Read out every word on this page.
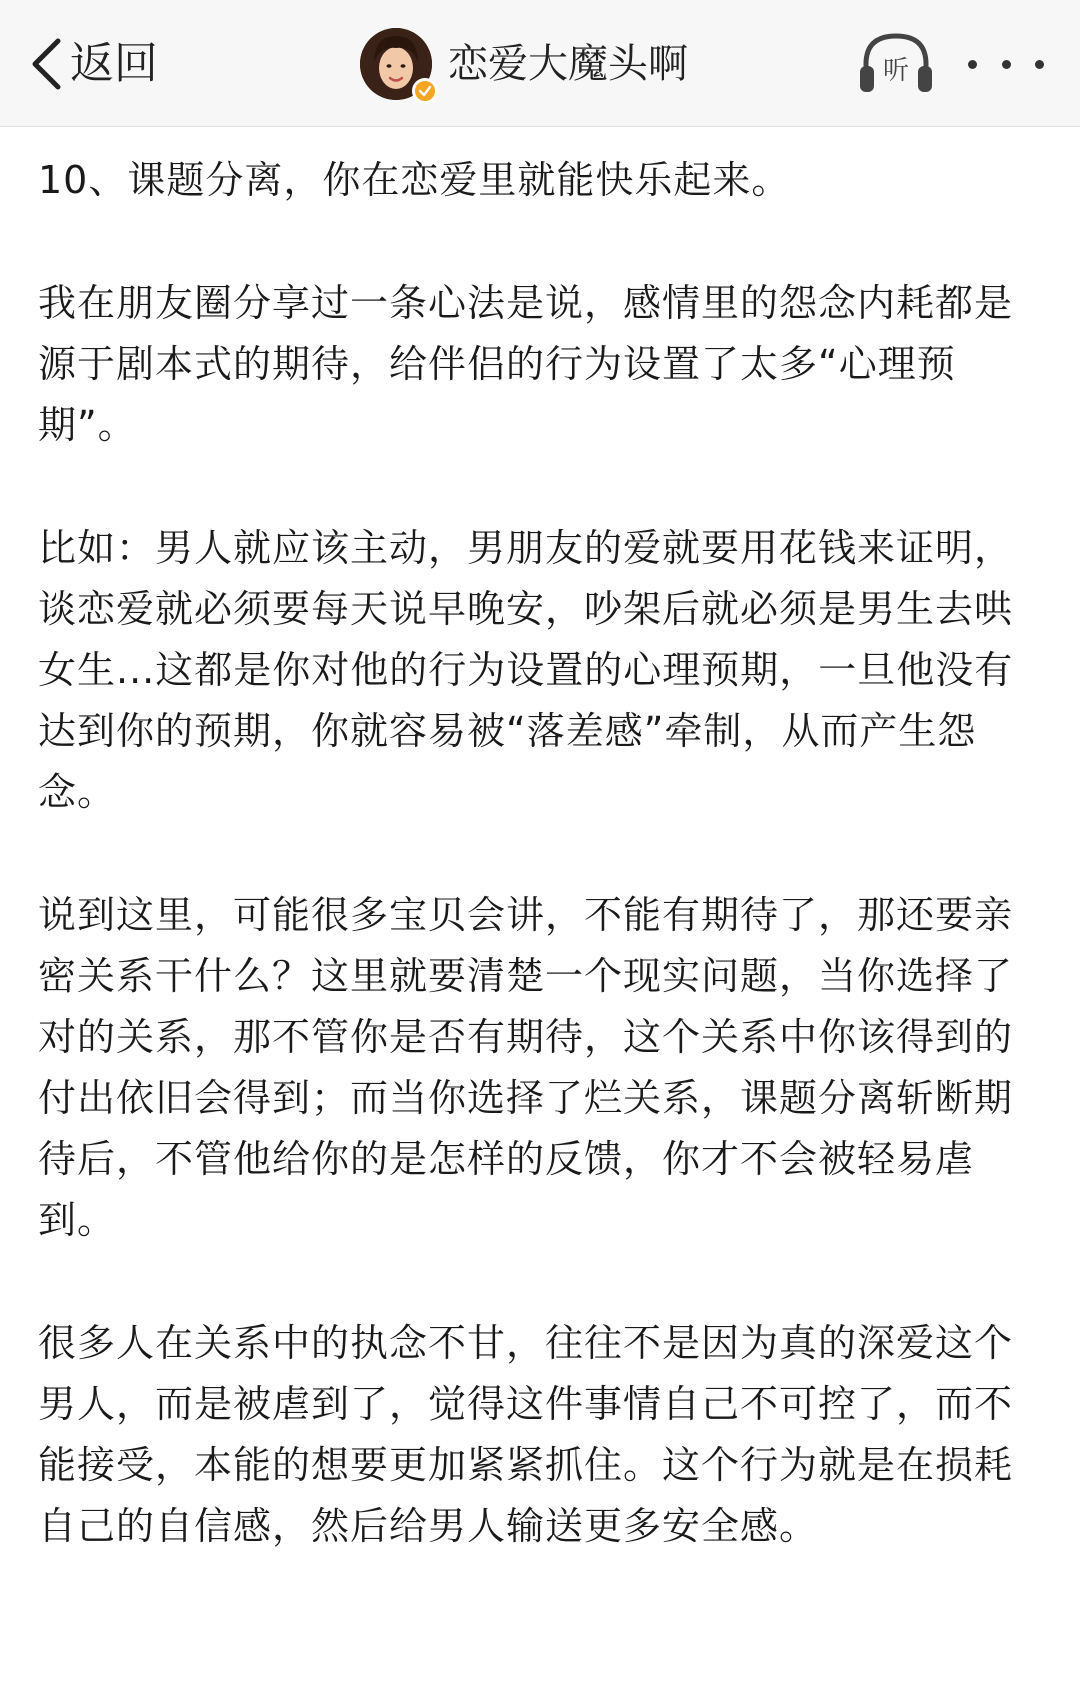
返回	恋爱大魔头啊	听

10、课题分离，你在恋爱里就能快乐起来。

我在朋友圈分享过一条心法是说，感情里的怨念内耗都是源于剧本式的期待，给伴侣的行为设置了太多“心理预期”。

比如：男人就应该主动，男朋友的爱就要用花钱来证明，谈恋爱就必须要每天说早晚安，吵架后就必须是男生去哄女生...这都是你对他的行为设置的心理预期，一旦他没有达到你的预期，你就容易被“落差感”牵制，从而产生怨念。

说到这里，可能很多宝贝会讲，不能有期待了，那还要亲密关系干什么？这里就要清楚一个现实问题，当你选择了对的关系，那不管你是否有期待，这个关系中你该得到的付出依旧会得到；而当你选择了烂关系，课题分离斩断期待后，不管他给你的是怎样的反馈，你才不会被轻易虐到。

很多人在关系中的执念不甘，往往不是因为真的深爱这个男人，而是被虐到了，觉得这件事情自己不可控了，而不能接受，本能的想要更加紧紧抓住。这个行为就是在损耗自己的自信感，然后给男人输送更多安全感。
